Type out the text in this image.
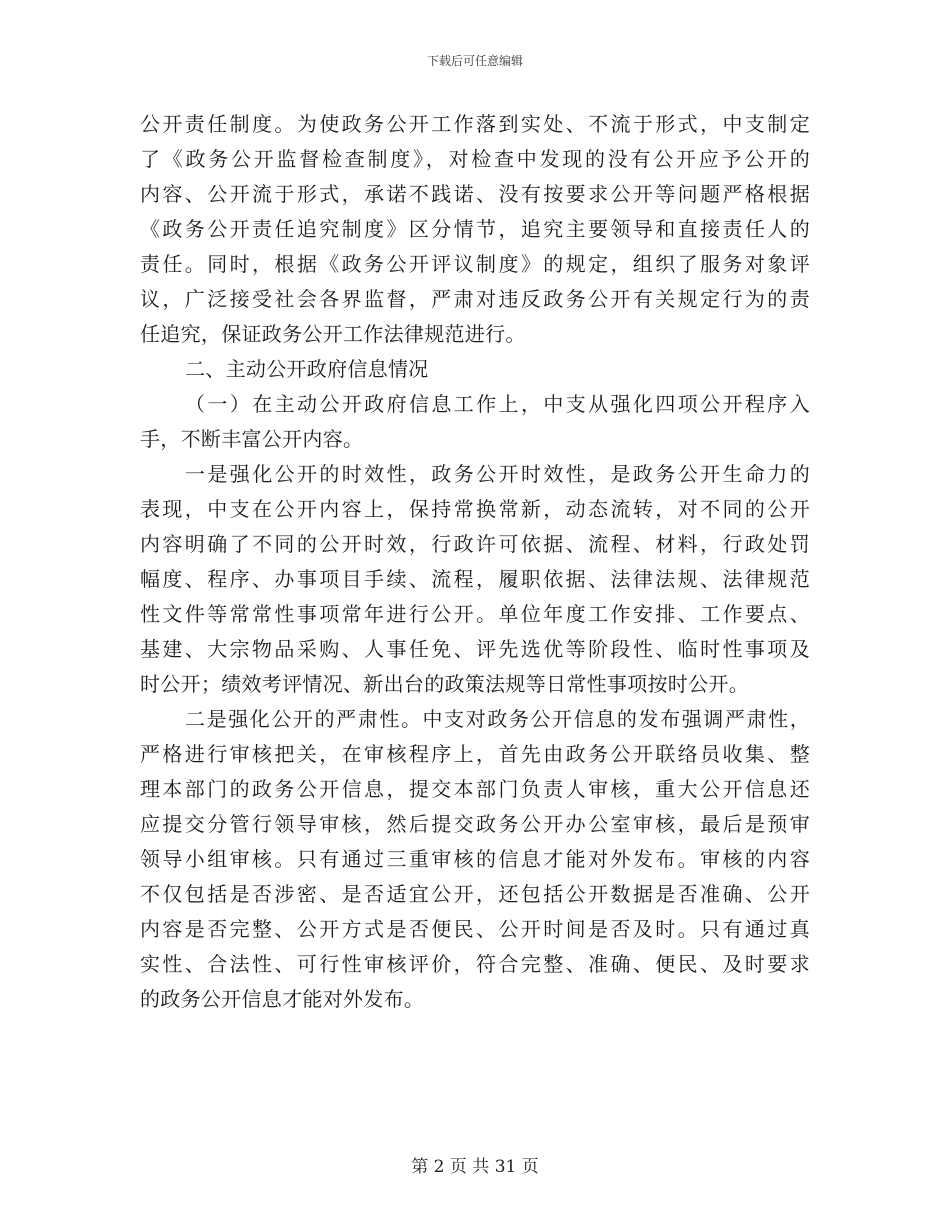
下载后可任意编辑
公开责任制度。为使政务公开工作落到实处、不流于形式，中支制定
了《政务公开监督检查制度》，对检查中发现的没有公开应予公开的
内容、公开流于形式，承诺不践诺、没有按要求公开等问题严格根据
《政务公开责任追究制度》区分情节，追究主要领导和直接责任人的
责任。同时，根据《政务公开评议制度》的规定，组织了服务对象评
议，广泛接受社会各界监督，严肃对违反政务公开有关规定行为的责
任追究，保证政务公开工作法律规范进行。
二、主动公开政府信息情况
（一）在主动公开政府信息工作上，中支从强化四项公开程序入
手，不断丰富公开内容。
一是强化公开的时效性，政务公开时效性，是政务公开生命力的
表现，中支在公开内容上，保持常换常新，动态流转，对不同的公开
内容明确了不同的公开时效，行政许可依据、流程、材料，行政处罚
幅度、程序、办事项目手续、流程，履职依据、法律法规、法律规范
性文件等常常性事项常年进行公开。单位年度工作安排、工作要点、
基建、大宗物品采购、人事任免、评先选优等阶段性、临时性事项及
时公开；绩效考评情况、新出台的政策法规等日常性事项按时公开。
二是强化公开的严肃性。中支对政务公开信息的发布强调严肃性，
严格进行审核把关，在审核程序上，首先由政务公开联络员收集、整
理本部门的政务公开信息，提交本部门负责人审核，重大公开信息还
应提交分管行领导审核，然后提交政务公开办公室审核，最后是预审
领导小组审核。只有通过三重审核的信息才能对外发布。审核的内容
不仅包括是否涉密、是否适宜公开，还包括公开数据是否准确、公开
内容是否完整、公开方式是否便民、公开时间是否及时。只有通过真
实性、合法性、可行性审核评价，符合完整、准确、便民、及时要求
的政务公开信息才能对外发布。
第 2 页 共 31 页
